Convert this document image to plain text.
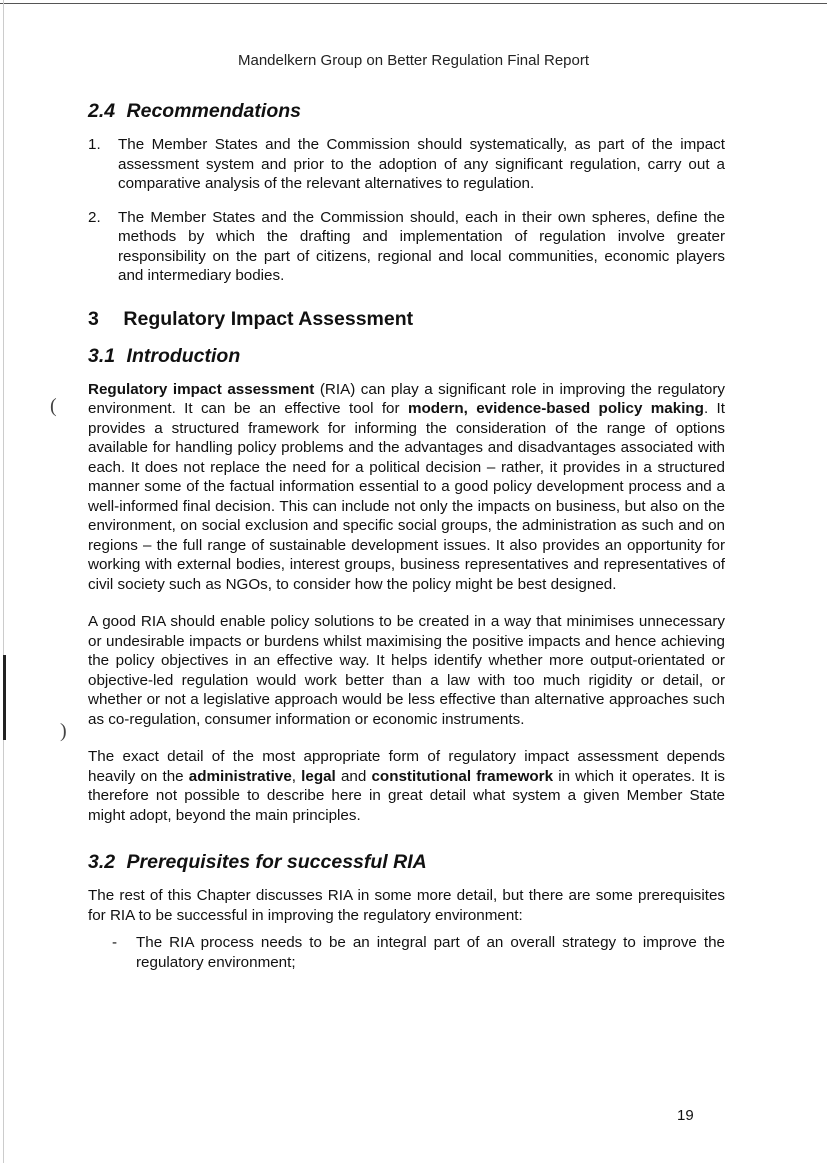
(
)
Mandelkern Group on Better Regulation Final Report
2.4 Recommendations
1. The Member States and the Commission should systematically, as part of the impact assessment system and prior to the adoption of any significant regulation, carry out a comparative analysis of the relevant alternatives to regulation.
2. The Member States and the Commission should, each in their own spheres, define the methods by which the drafting and implementation of regulation involve greater responsibility on the part of citizens, regional and local communities, economic players and intermediary bodies.
3 Regulatory Impact Assessment
3.1 Introduction

Regulatory impact assessment (RIA) can play a significant role in improving the regulatory environment. It can be an effective tool for modern, evidence-based policy making. It provides a structured framework for informing the consideration of the range of options available for handling policy problems and the advantages and disadvantages associated with each. It does not replace the need for a political decision – rather, it provides in a structured manner some of the factual information essential to a good policy development process and a well-informed final decision. This can include not only the impacts on business, but also on the environment, on social exclusion and specific social groups, the administration as such and on regions – the full range of sustainable development issues. It also provides an opportunity for working with external bodies, interest groups, business representatives and representatives of civil society such as NGOs, to consider how the policy might be best designed.

A good RIA should enable policy solutions to be created in a way that minimises unnecessary or undesirable impacts or burdens whilst maximising the positive impacts and hence achieving the policy objectives in an effective way. It helps identify whether more output-orientated or objective-led regulation would work better than a law with too much rigidity or detail, or whether or not a legislative approach would be less effective than alternative approaches such as co-regulation, consumer information or economic instruments.

The exact detail of the most appropriate form of regulatory impact assessment depends heavily on the administrative, legal and constitutional framework in which it operates. It is therefore not possible to describe here in great detail what system a given Member State might adopt, beyond the main principles.

3.2 Prerequisites for successful RIA

The rest of this Chapter discusses RIA in some more detail, but there are some prerequisites for RIA to be successful in improving the regulatory environment:

- The RIA process needs to be an integral part of an overall strategy to improve the regulatory environment;
19
